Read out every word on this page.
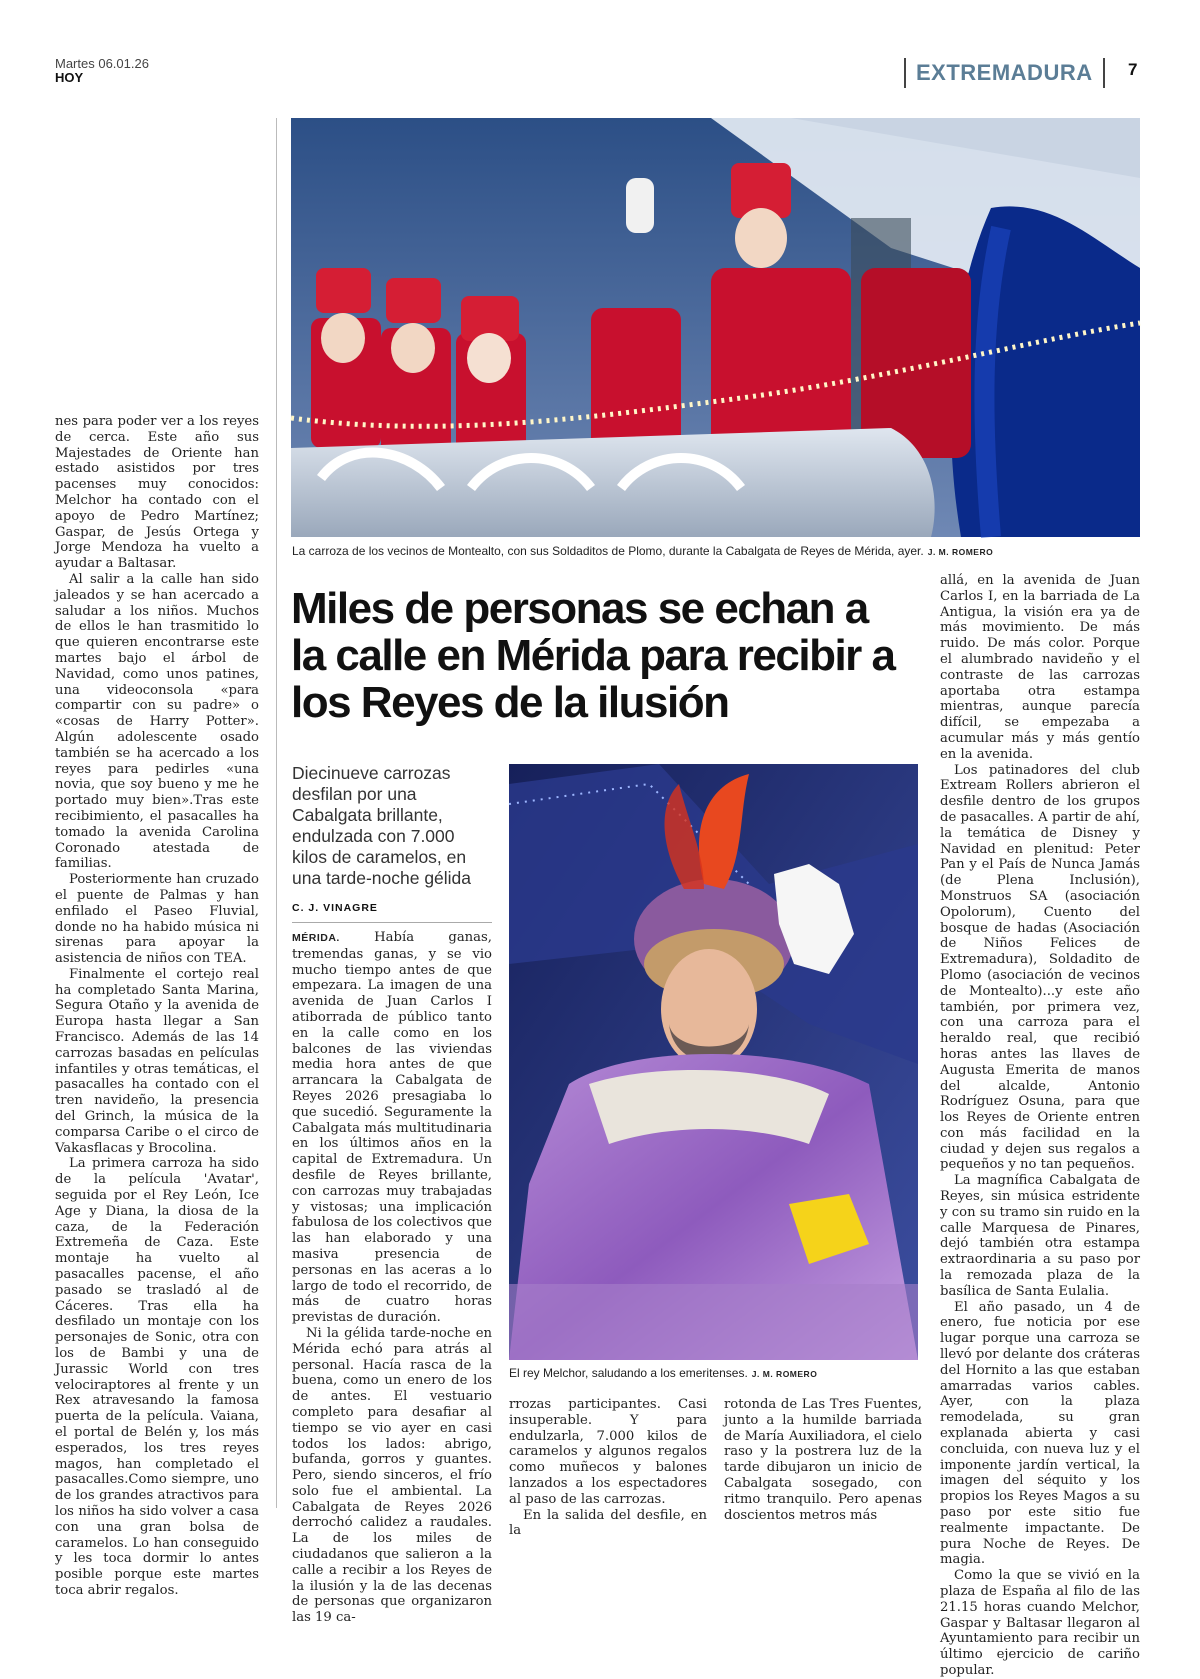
Martes 06.01.26
HOY	EXTREMADURA	7

nes para poder ver a los reyes de cerca. Este año sus Majestades de Oriente han estado asistidos por tres pacenses muy conocidos: Melchor ha contado con el apoyo de Pedro Martínez; Gaspar, de Jesús Ortega y Jorge Mendoza ha vuelto a ayudar a Baltasar.

Al salir a la calle han sido jaleados y se han acercado a saludar a los niños. Muchos de ellos le han trasmitido lo que quieren encontrarse este martes bajo el árbol de Navidad, como unos patines, una videoconsola «para compartir con su padre» o «cosas de Harry Potter». Algún adolescente osado también se ha acercado a los reyes para pedirles «una novia, que soy bueno y me he portado muy bien».Tras este recibimiento, el pasacalles ha tomado la avenida Carolina Coronado atestada de familias.

Posteriormente han cruzado el puente de Palmas y han enfilado el Paseo Fluvial, donde no ha habido música ni sirenas para apoyar la asistencia de niños con TEA.

Finalmente el cortejo real ha completado Santa Marina, Segura Otaño y la avenida de Europa hasta llegar a San Francisco. Además de las 14 carrozas basadas en películas infantiles y otras temáticas, el pasacalles ha contado con el tren navideño, la presencia del Grinch, la música de la comparsa Caribe o el circo de Vakasflacas y Brocolina.

La primera carroza ha sido de la película 'Avatar', seguida por el Rey León, Ice Age y Diana, la diosa de la caza, de la Federación Extremeña de Caza. Este montaje ha vuelto al pasacalles pacense, el año pasado se trasladó al de Cáceres. Tras ella ha desfilado un montaje con los personajes de Sonic, otra con los de Bambi y una de Jurassic World con tres velociraptores al frente y un Rex atravesando la famosa puerta de la película. Vaiana, el portal de Belén y, los más esperados, los tres reyes magos, han completado el pasacalles.Como siempre, uno de los grandes atractivos para los niños ha sido volver a casa con una gran bolsa de caramelos. Lo han conseguido y les toca dormir lo antes posible porque este martes toca abrir regalos.

La carroza de los vecinos de Montealto, con sus Soldaditos de Plomo, durante la Cabalgata de Reyes de Mérida, ayer. J. M. ROMERO
Miles de personas se echan a la calle en Mérida para recibir a los Reyes de la ilusión
Diecinueve carrozas desfilan por una Cabalgata brillante, endulzada con 7.000 kilos de caramelos, en una tarde-noche gélida
C. J. VINAGRE

MÉRIDA.	Había ganas, tremendas ganas, y se vio mucho tiempo antes de que empezara. La imagen de una avenida de Juan Carlos I atiborrada de público tanto en la calle como en los balcones de las viviendas media hora antes de que arrancara la Cabalgata de Reyes 2026 presagiaba lo que sucedió. Seguramente la Cabalgata más multitudinaria en los últimos años en la capital de Extremadura. Un desfile de Reyes brillante, con carrozas muy trabajadas y vistosas; una implicación fabulosa de los colectivos que las han elaborado y una masiva presencia de personas en las aceras a lo largo de todo el recorrido, de más de cuatro horas previstas de duración.

Ni la gélida tarde-noche en Mérida echó para atrás al personal. Hacía rasca de la buena, como un enero de los de antes. El vestuario completo para desafiar al tiempo se vio ayer en casi todos los lados: abrigo, bufanda, gorros y guantes. Pero, siendo sinceros, el frío solo fue el ambiental. La Cabalgata de Reyes 2026 derrochó calidez a raudales. La de los miles de ciudadanos que salieron a la calle a recibir a los Reyes de la ilusión y la de las decenas de personas que organizaron las 19 ca-

El rey Melchor, saludando a los emeritenses. J. M. ROMERO

rrozas participantes. Casi insuperable. Y para endulzarla, 7.000 kilos de caramelos y algunos regalos como muñecos y balones lanzados a los espectadores al paso de las carrozas.

En la salida del desfile, en la

rotonda de Las Tres Fuentes, junto a la humilde barriada de María Auxiliadora, el cielo raso y la postrera luz de la tarde dibujaron un inicio de Cabalgata sosegado, con ritmo tranquilo. Pero apenas doscientos metros más

allá, en la avenida de Juan Carlos I, en la barriada de La Antigua, la visión era ya de más movimiento. De más ruido. De más color. Porque el alumbrado navideño y el contraste de las carrozas aportaba otra estampa mientras, aunque parecía difícil, se empezaba a acumular más y más gentío en la avenida.

Los patinadores del club Extream Rollers abrieron el desfile dentro de los grupos de pasacalles. A partir de ahí, la temática de Disney y Navidad en plenitud: Peter Pan y el País de Nunca Jamás (de Plena Inclusión), Monstruos SA (asociación Opolorum), Cuento del bosque de hadas (Asociación de Niños Felices de Extremadura), Soldadito de Plomo (asociación de vecinos de Montealto)...y este año también, por primera vez, con una carroza para el heraldo real, que recibió horas antes las llaves de Augusta Emerita de manos del alcalde, Antonio Rodríguez Osuna, para que los Reyes de Oriente entren con más facilidad en la ciudad y dejen sus regalos a pequeños y no tan pequeños.

La magnífica Cabalgata de Reyes, sin música estridente y con su tramo sin ruido en la calle Marquesa de Pinares, dejó también otra estampa extraordinaria a su paso por la remozada plaza de la basílica de Santa Eulalia.

El año pasado, un 4 de enero, fue noticia por ese lugar porque una carroza se llevó por delante dos cráteras del Hornito a las que estaban amarradas varios cables. Ayer, con la plaza remodelada, su gran explanada abierta y casi concluida, con nueva luz y el imponente jardín vertical, la imagen del séquito y los propios los Reyes Magos a su paso por este sitio fue realmente impactante. De pura Noche de Reyes. De magia.

Como la que se vivió en la plaza de España al filo de las 21.15 horas cuando Melchor, Gaspar y Baltasar llegaron al Ayuntamiento para recibir un último ejercicio de cariño popular.
